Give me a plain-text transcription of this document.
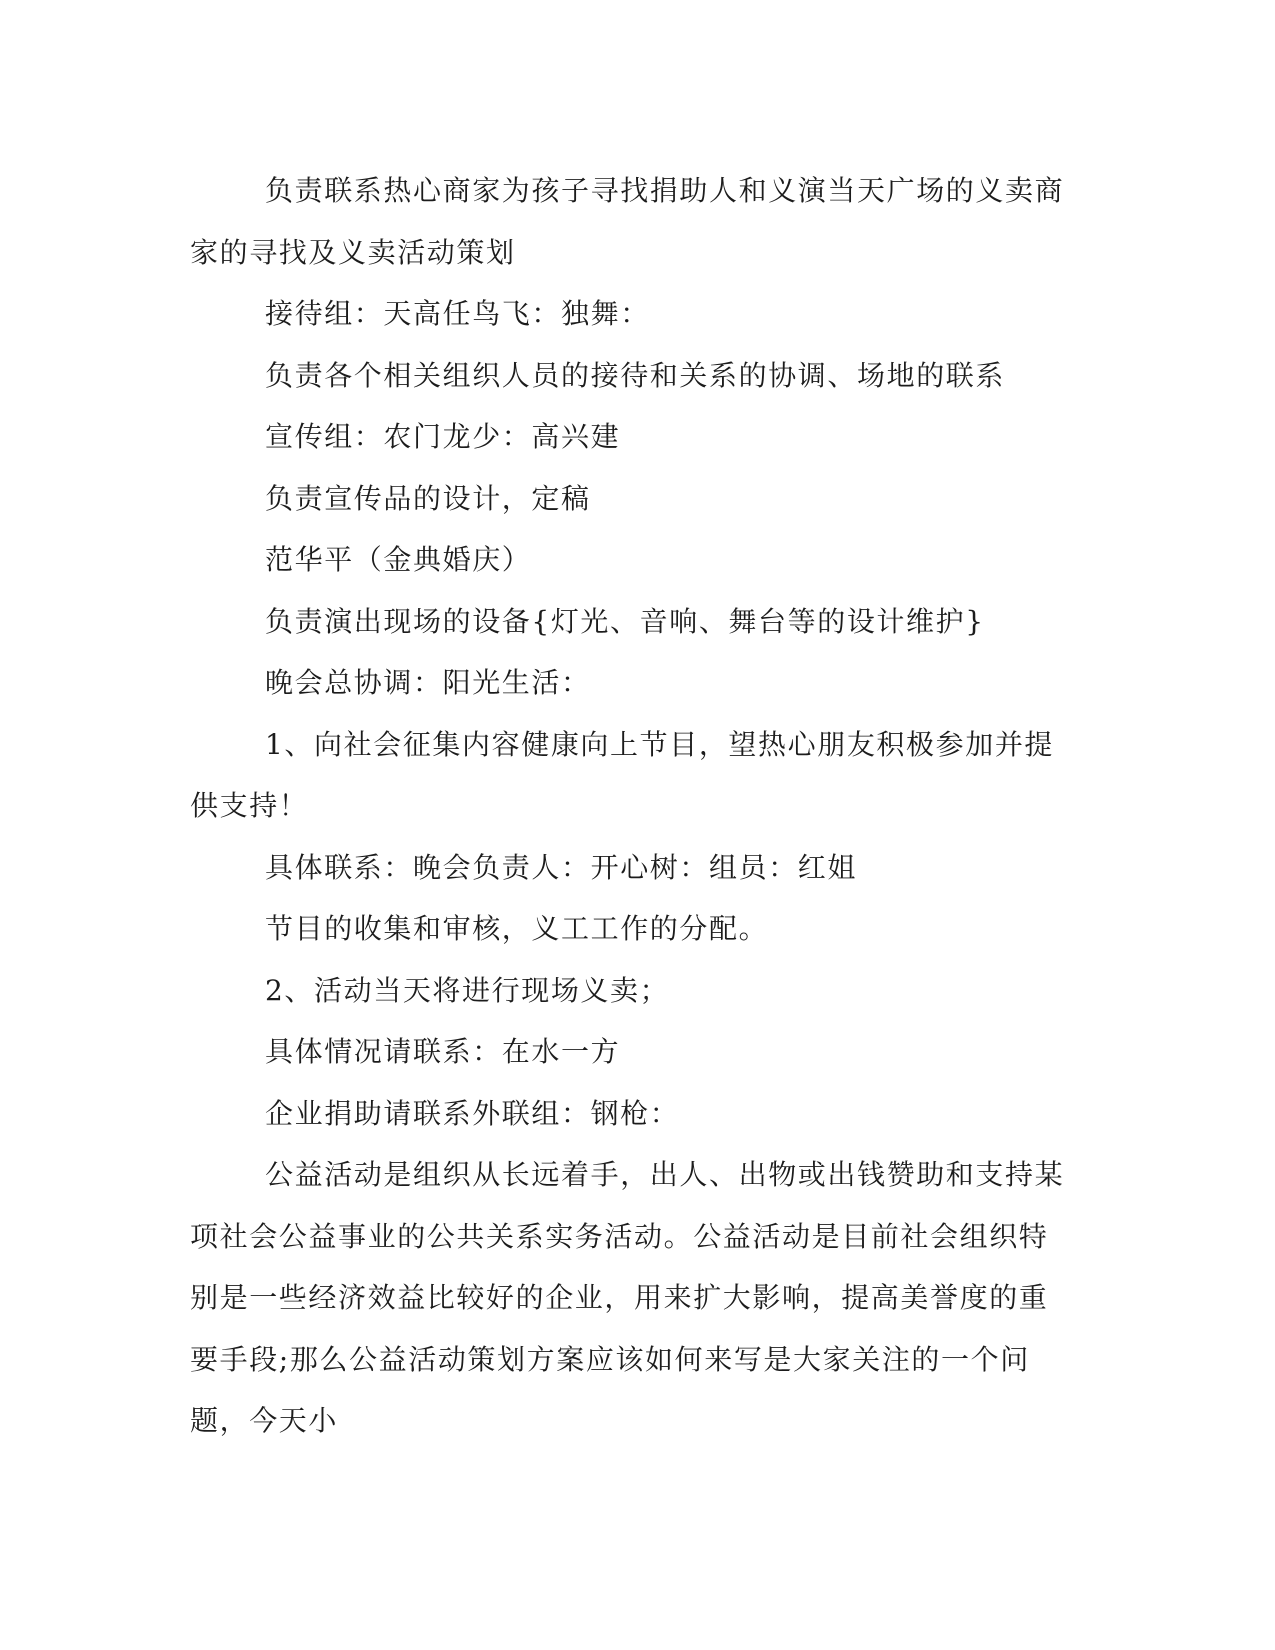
负责联系热心商家为孩子寻找捐助人和义演当天广场的义卖商家的寻找及义卖活动策划

接待组：天高任鸟飞：独舞：

负责各个相关组织人员的接待和关系的协调、场地的联系

宣传组：农门龙少：高兴建

负责宣传品的设计，定稿

范华平（金典婚庆）

负责演出现场的设备{灯光、音响、舞台等的设计维护}

晚会总协调：阳光生活：

1、向社会征集内容健康向上节目，望热心朋友积极参加并提供支持！

具体联系：晚会负责人：开心树：组员：红姐

节目的收集和审核，义工工作的分配。

2、活动当天将进行现场义卖；

具体情况请联系：在水一方

企业捐助请联系外联组：钢枪：

公益活动是组织从长远着手，出人、出物或出钱赞助和支持某项社会公益事业的公共关系实务活动。公益活动是目前社会组织特别是一些经济效益比较好的企业，用来扩大影响，提高美誉度的重要手段;那么公益活动策划方案应该如何来写是大家关注的一个问题，今天小
